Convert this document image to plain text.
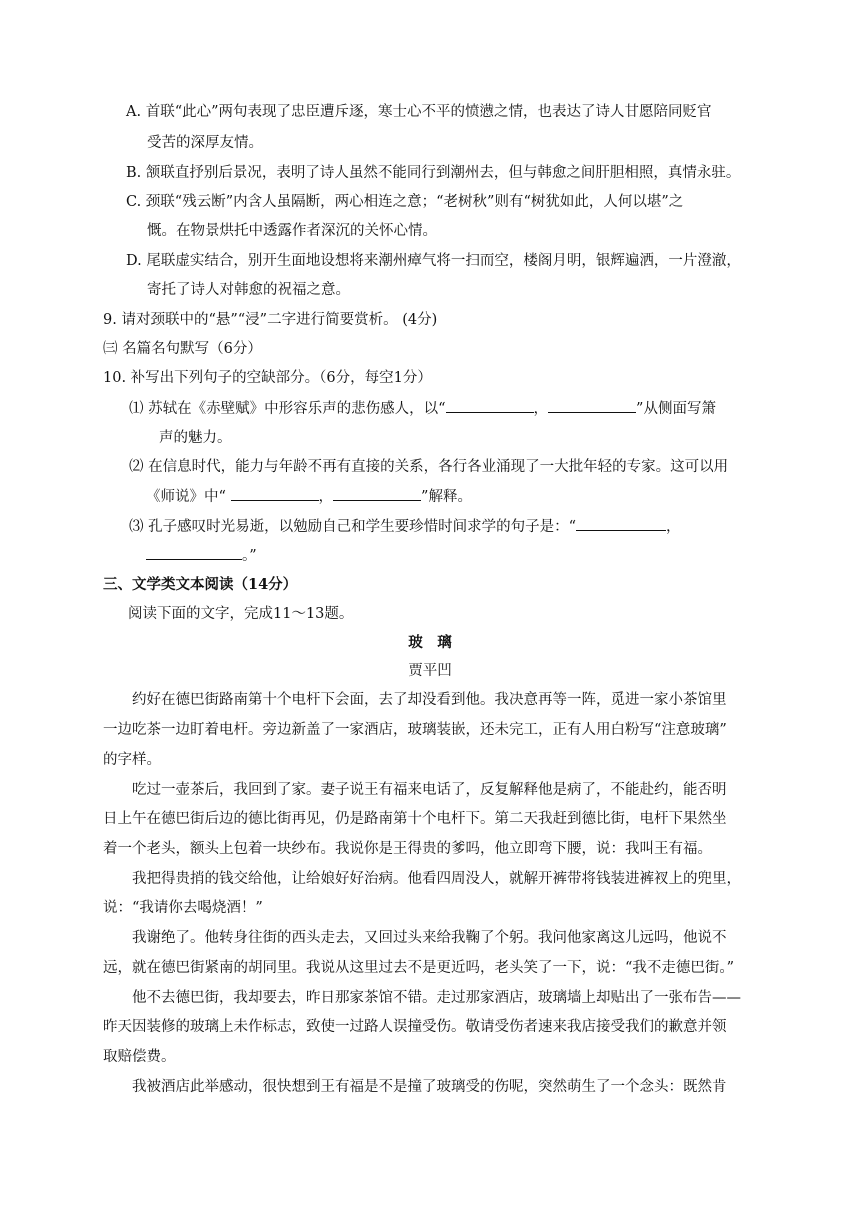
A. 首联“此心”两句表现了忠臣遭斥逐，寒士心不平的愤懑之情，也表达了诗人甘愿陪同贬官
受苦的深厚友情。
B. 颔联直抒别后景况，表明了诗人虽然不能同行到潮州去，但与韩愈之间肝胆相照，真情永驻。
C. 颈联“残云断”内含人虽隔断，两心相连之意；“老树秋”则有“树犹如此，人何以堪”之
慨。在物景烘托中透露作者深沉的关怀心情。
D. 尾联虚实结合，别开生面地设想将来潮州瘴气将一扫而空，楼阁月明，银辉遍洒，一片澄澈，
寄托了诗人对韩愈的祝福之意。
9. 请对颈联中的“悬”“浸”二字进行简要赏析。 (4分)
㈢ 名篇名句默写（6分）
10. 补写出下列句子的空缺部分。（6分，每空1分）
⑴ 苏轼在《赤壁赋》中形容乐声的悲伤感人，以“	，	”从侧面写箫
声的魅力。
⑵ 在信息时代，能力与年龄不再有直接的关系，各行各业涌现了一大批年轻的专家。这可以用
《师说》中“	，	”解释。
⑶ 孔子感叹时光易逝，以勉励自己和学生要珍惜时间求学的句子是：“	，
。”
三、文学类文本阅读（14分）
阅读下面的文字，完成11～13题。
玻　璃
贾平凹
约好在德巴街路南第十个电杆下会面，去了却没看到他。我决意再等一阵，觅进一家小茶馆里
一边吃茶一边盯着电杆。旁边新盖了一家酒店，玻璃装嵌，还未完工，正有人用白粉写“注意玻璃”
的字样。
吃过一壶茶后，我回到了家。妻子说王有福来电话了，反复解释他是病了，不能赴约，能否明
日上午在德巴街后边的德比街再见，仍是路南第十个电杆下。第二天我赶到德比街，电杆下果然坐
着一个老头，额头上包着一块纱布。我说你是王得贵的爹吗，他立即弯下腰，说：我叫王有福。
我把得贵捎的钱交给他，让给娘好好治病。他看四周没人，就解开裤带将钱装进裤衩上的兜里，
说：“我请你去喝烧酒！”
我谢绝了。他转身往街的西头走去，又回过头来给我鞠了个躬。我问他家离这儿远吗，他说不
远，就在德巴街紧南的胡同里。我说从这里过去不是更近吗，老头笑了一下，说：“我不走德巴街。”
他不去德巴街，我却要去，昨日那家茶馆不错。走过那家酒店，玻璃墙上却贴出了一张布告——
昨天因装修的玻璃上未作标志，致使一过路人误撞受伤。敬请受伤者速来我店接受我们的歉意并领
取赔偿费。
我被酒店此举感动，很快想到王有福是不是撞了玻璃受的伤呢，突然萌生了一个念头：既然肯
